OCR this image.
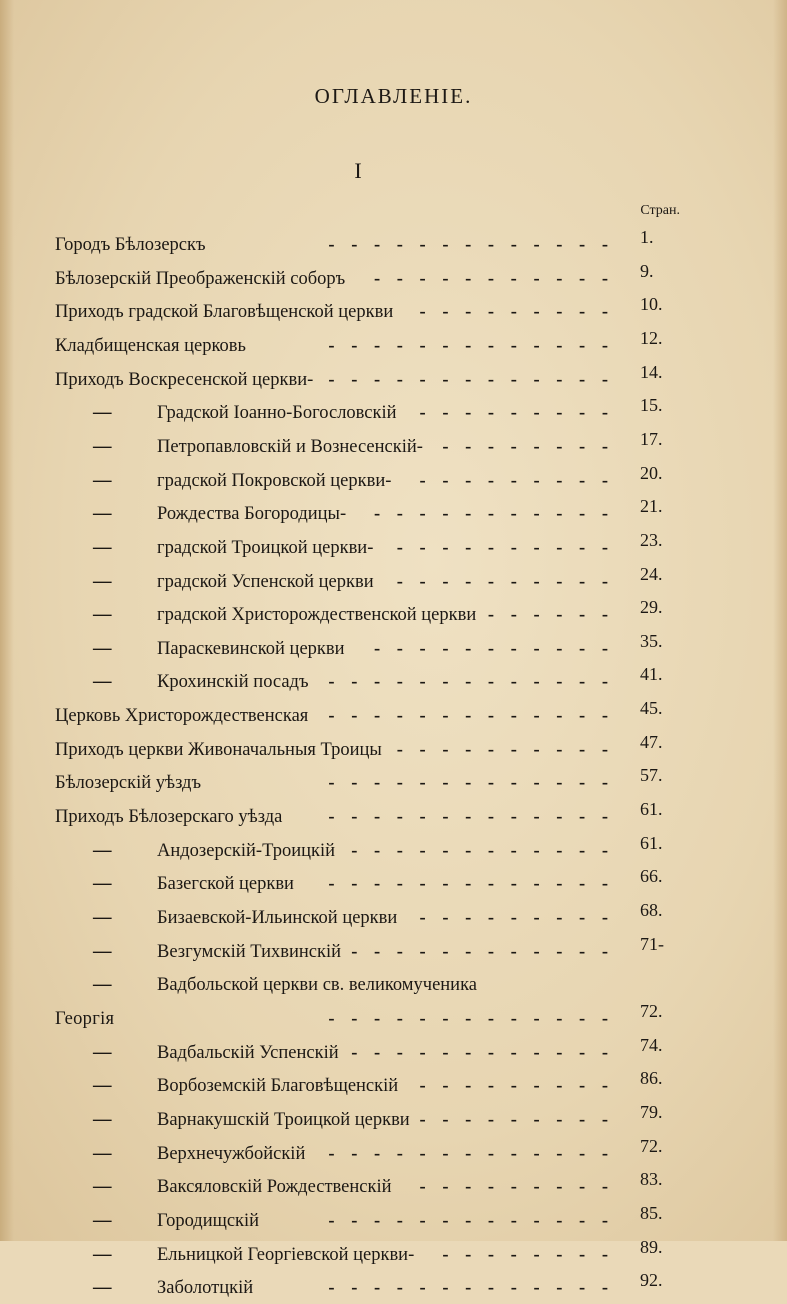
ОГЛАВЛЕНІЕ.
I
Стран.
Городъ Бѣлозерскъ	- - - - - - - - - - - - - 1.
Бѣлозерскій Преображенскій соборъ - - - - - - - - - - - 9.
Приходъ градской Благовѣщенской церкви - - - - - - - - - 10.
Кладбищенская церковь	- - - - - - - - - - - - - 12.
Приходъ Воскресенской церкви- - - - - - - - - - - - - - 14.
— Градской Іоанно-Богословскій - - - - - - - - - 15.
— Петропавловскій и Вознесенскій- - - - - - - - - 17.
— градской Покровской церкви- - - - - - - - - - 20.
— Рождества Богородицы- - - - - - - - - - - - 21.
— градской Троицкой церкви- - - - - - - - - - - 23.
— градской Успенской церкви - - - - - - - - - - 24.
— градской Христорождественской церкви - - - - - - 29.
— Параскевинской церкви - - - - - - - - - - - 35.
— Крохинскій посадъ - - - - - - - - - - - - - 41.
Церковь Христорождественская - - - - - - - - - - - - - 45.
Приходъ церкви Живоначальныя Троицы - - - - - - - - - - 47.
Бѣлозерскій уѣздъ	- - - - - - - - - - - - - 57.
Приходъ Бѣлозерскаго уѣзда - - - - - - - - - - - - - 61.
— Андозерскій-Троицкій - - - - - - - - - - - - 61.
— Базегской церкви - - - - - - - - - - - - - 66.
— Бизаевской-Ильинской церкви - - - - - - - - - 68.
— Везгумскій Тихвинскій - - - - - - - - - - - - 71-
— Вадбольской церкви св. великомученика
Георгія	- - - - - - - - - - - - - 72.
— Вадбальскій Успенскій - - - - - - - - - - - - 74.
— Ворбоземскій Благовѣщенскій - - - - - - - - - 86.
— Варнакушскій Троицкой церкви - - - - - - - - - 79.
— Верхнечужбойскій - - - - - - - - - - - - - 72.
— Ваксяловскій Рождественскій - - - - - - - - - 83.
— Городищскій	- - - - - - - - - - - - - 85.
— Ельницкой Георгіевской церкви- - - - - - - - - 89.
— Заболотцкій	- - - - - - - - - - - - - 92.
